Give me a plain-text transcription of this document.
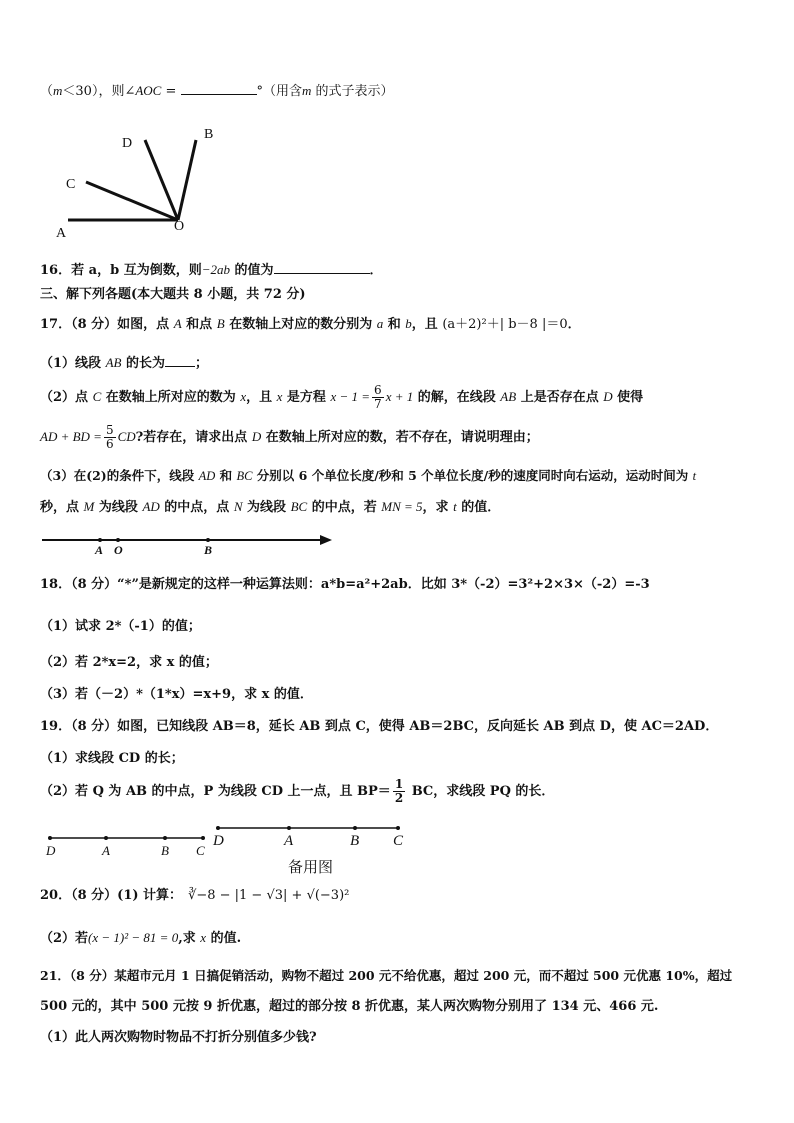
（m＜30），则∠AOC =	°（用含m 的式子表示）
A
C
D
B
O
16．若 a，b 互为倒数，则−2ab 的值为	．
三、解下列各题(本大题共 8 小题，共 72 分)
17．（8 分）如图，点 A 和点 B 在数轴上对应的数分别为 a 和 b，且 (a＋2)²＋| b－8 |＝0．
（1）线段 AB 的长为 ；
（2）点 C 在数轴上所对应的数为 x，且 x 是方程 $x - 1 = \frac{6}{7}$ x + 1 的解，在线段 AB 上是否存在点 D 使得
AD + BD = $\frac{5}{6}$ CD?若存在，请求出点 D 在数轴上所对应的数，若不存在，请说明理由；
（3）在(2)的条件下，线段 AD 和 BC 分别以 6 个单位长度/秒和 5 个单位长度/秒的速度同时向右运动，运动时间为 t
秒，点 M 为线段 AD 的中点，点 N 为线段 BC 的中点，若 MN = 5，求 t 的值．
A O	B
18．（8 分）“*”是新规定的这样一种运算法则：a*b=a²+2ab．比如 3*（-2）=3²+2×3×（-2）=-3
（1）试求 2*（-1）的值；
（2）若 2*x=2，求 x 的值；
（3）若（－2）*（1*x）=x+9，求 x 的值．
19．（8 分）如图，已知线段 AB＝8，延长 AB 到点 C，使得 AB＝2BC，反向延长 AB 到点 D，使 AC＝2AD．
（1）求线段 CD 的长；
（2）若 Q 为 AB 的中点，P 为线段 CD 上一点，且 $BP= \frac{1}{2}$ BC，求线段 PQ 的长．
D	A	B C
D	A	B C
备用图
20．（8 分）(1) 计算： ∛−8 − |1 − √3| + √(−3)²
（2）若(x − 1)² − 81 = 0,求 x 的值.
21．（8 分）某超市元月 1 日搞促销活动，购物不超过 200 元不给优惠，超过 200 元，而不超过 500 元优惠 10%，超过
500 元的，其中 500 元按 9 折优惠，超过的部分按 8 折优惠，某人两次购物分别用了 134 元、466 元.
（1）此人两次购物时物品不打折分别值多少钱?
